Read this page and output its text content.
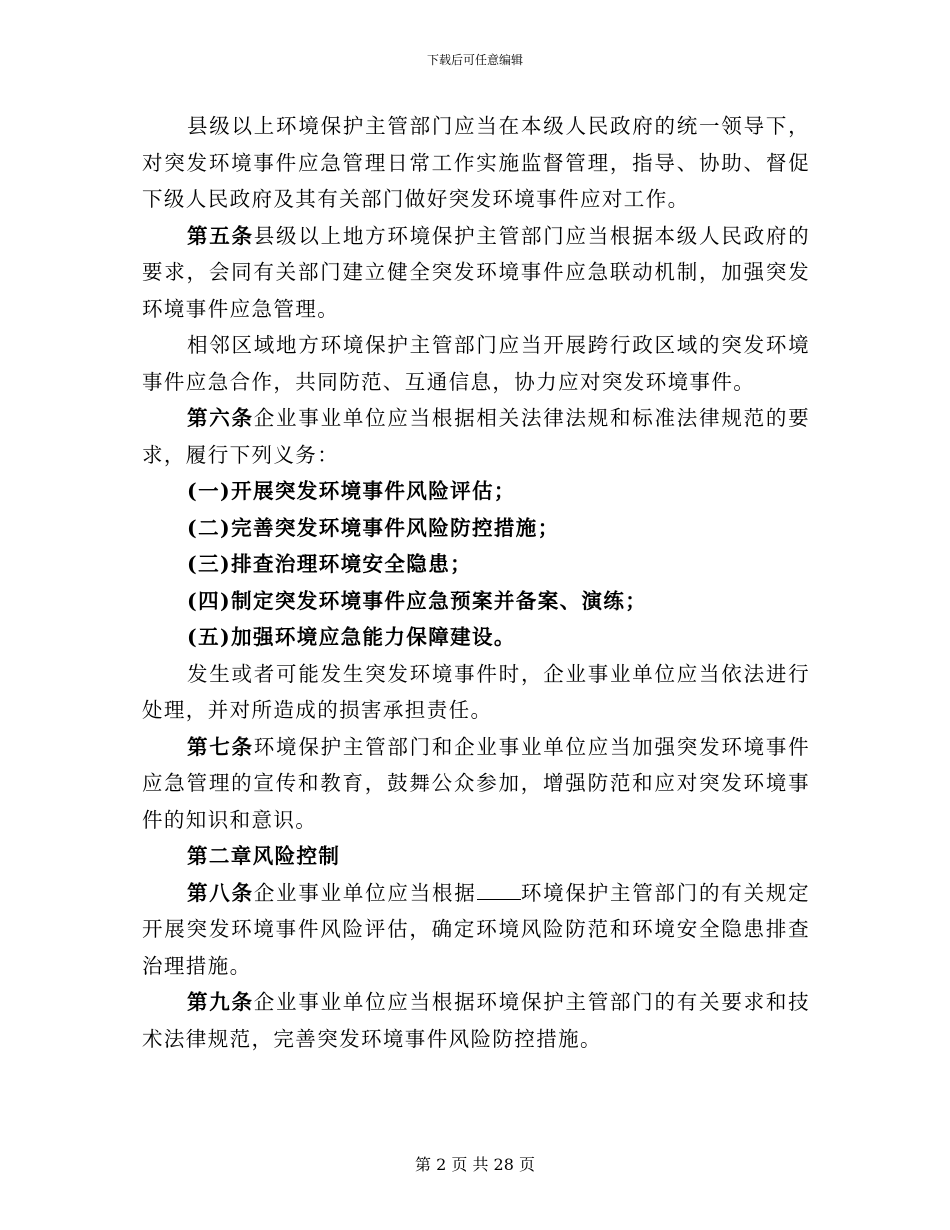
下载后可任意编辑

县级以上环境保护主管部门应当在本级人民政府的统一领导下，对突发环境事件应急管理日常工作实施监督管理，指导、协助、督促下级人民政府及其有关部门做好突发环境事件应对工作。

第五条县级以上地方环境保护主管部门应当根据本级人民政府的要求，会同有关部门建立健全突发环境事件应急联动机制，加强突发环境事件应急管理。

相邻区域地方环境保护主管部门应当开展跨行政区域的突发环境事件应急合作，共同防范、互通信息，协力应对突发环境事件。

第六条企业事业单位应当根据相关法律法规和标准法律规范的要求，履行下列义务：

(一)开展突发环境事件风险评估；

(二)完善突发环境事件风险防控措施；

(三)排查治理环境安全隐患；

(四)制定突发环境事件应急预案并备案、演练；

(五)加强环境应急能力保障建设。

发生或者可能发生突发环境事件时，企业事业单位应当依法进行处理，并对所造成的损害承担责任。

第七条环境保护主管部门和企业事业单位应当加强突发环境事件应急管理的宣传和教育，鼓舞公众参加，增强防范和应对突发环境事件的知识和意识。

第二章风险控制

第八条企业事业单位应当根据 环境保护主管部门的有关规定开展突发环境事件风险评估，确定环境风险防范和环境安全隐患排查治理措施。

第九条企业事业单位应当根据环境保护主管部门的有关要求和技术法律规范，完善突发环境事件风险防控措施。

第 2 页 共 28 页
